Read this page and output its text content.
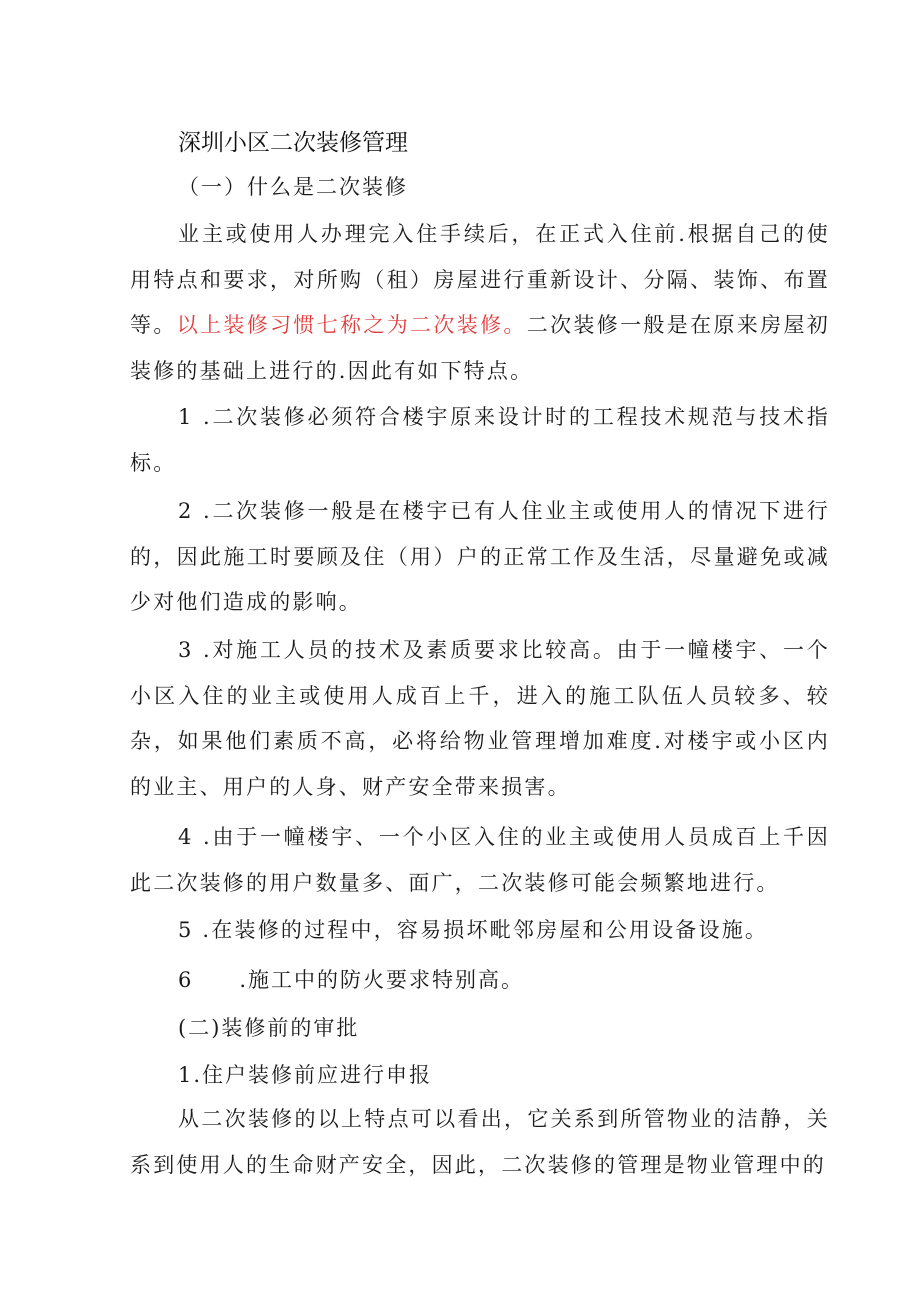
深圳小区二次装修管理
（一）什么是二次装修

业主或使用人办理完入住手续后，在正式入住前.根据自己的使用特点和要求，对所购（租）房屋进行重新设计、分隔、装饰、布置等。以上装修习惯七称之为二次装修。二次装修一般是在原来房屋初装修的基础上进行的.因此有如下特点。

1 .二次装修必须符合楼宇原来设计时的工程技术规范与技术指标。

2 .二次装修一般是在楼宇已有人住业主或使用人的情况下进行的，因此施工时要顾及住（用）户的正常工作及生活，尽量避免或减少对他们造成的影响。

3 .对施工人员的技术及素质要求比较高。由于一幢楼宇、一个小区入住的业主或使用人成百上千，进入的施工队伍人员较多、较杂，如果他们素质不高，必将给物业管理增加难度.对楼宇或小区内的业主、用户的人身、财产安全带来损害。

4 .由于一幢楼宇、一个小区入住的业主或使用人员成百上千因此二次装修的用户数量多、面广，二次装修可能会频繁地进行。

5 .在装修的过程中，容易损坏毗邻房屋和公用设备设施。

6 .施工中的防火要求特别高。
(二)装修前的审批
1.住户装修前应进行申报

从二次装修的以上特点可以看出，它关系到所管物业的洁静，关系到使用人的生命财产安全，因此，二次装修的管理是物业管理中的
